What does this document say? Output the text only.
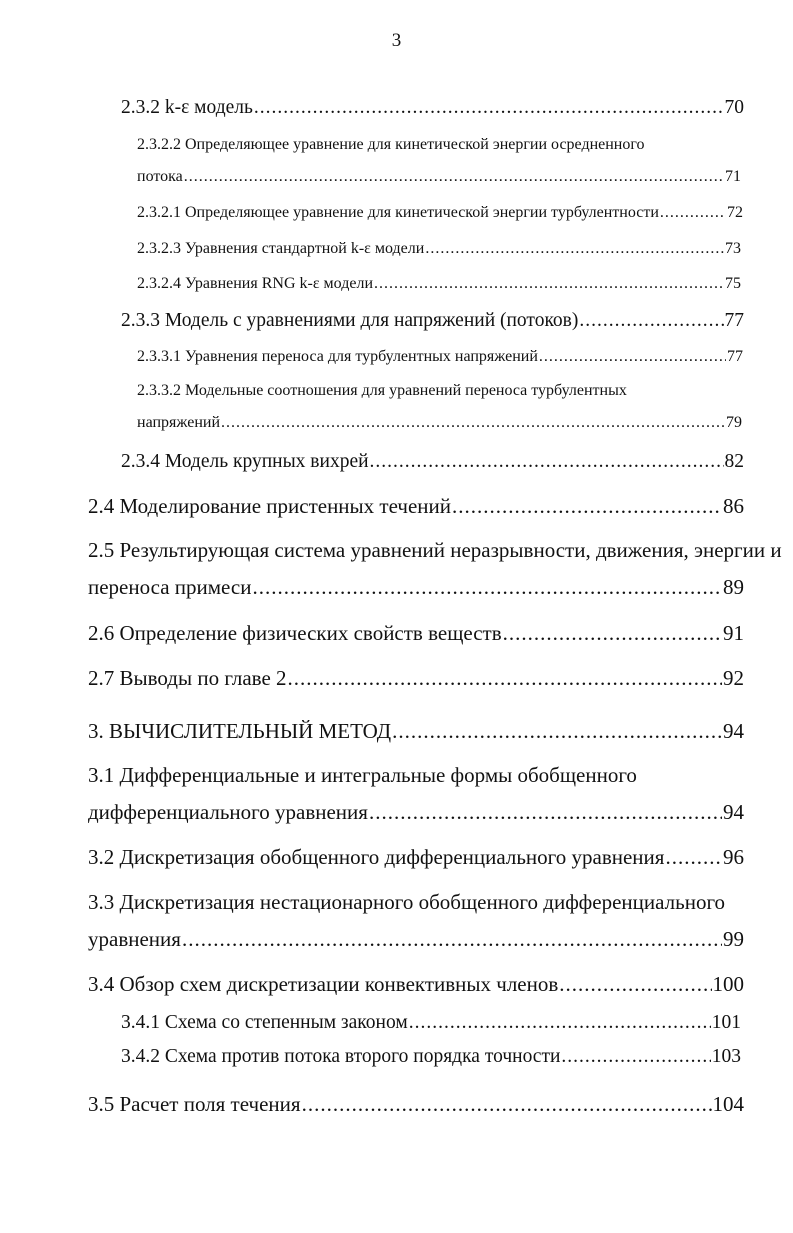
3
2.3.2 k-ε модель .....	70
2.3.2.2 Определяющее уравнение для кинетической энергии осредненного
потока .....	71
2.3.2.1 Определяющее уравнение для кинетической энергии турбулентности .....	72
2.3.2.3 Уравнения стандартной k-ε модели .....	73
2.3.2.4 Уравнения RNG k-ε модели .....	75
2.3.3 Модель с уравнениями для напряжений (потоков) .....	77
2.3.3.1 Уравнения переноса для турбулентных напряжений .....	77
2.3.3.2 Модельные соотношения для уравнений переноса турбулентных
напряжений .....	79
2.3.4 Модель крупных вихрей .....	82
2.4 Моделирование пристенных течений .....	86
2.5 Результирующая система уравнений неразрывности, движения, энергии и
переноса примеси .....	89
2.6 Определение физических свойств веществ .....	91
2.7 Выводы по главе 2 .....	92
3. ВЫЧИСЛИТЕЛЬНЫЙ МЕТОД .....	94
3.1 Дифференциальные и интегральные формы обобщенного
дифференциального уравнения .....	94
3.2 Дискретизация обобщенного дифференциального уравнения .....	96
3.3 Дискретизация нестационарного обобщенного дифференциального
уравнения .....	99
3.4 Обзор схем дискретизации конвективных членов .....	100
3.4.1 Схема со степенным законом .....	101
3.4.2 Схема против потока второго порядка точности .....	103
3.5 Расчет поля течения .....	104
